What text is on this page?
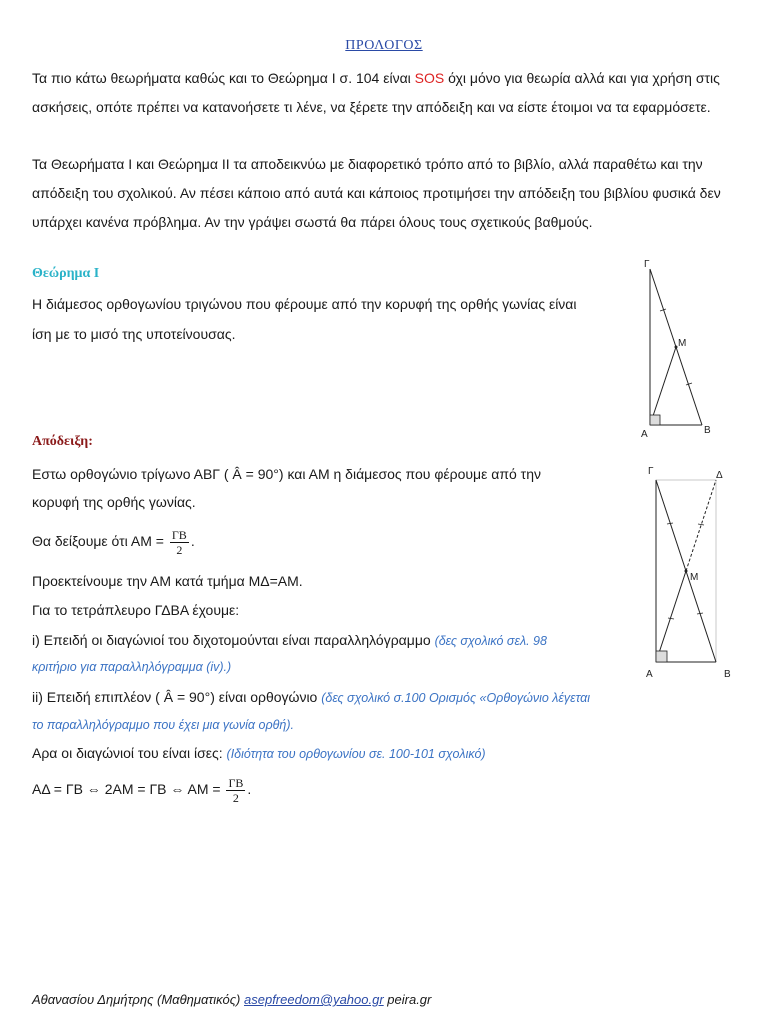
ΠΡΟΛΟΓΟΣ
Τα πιο κάτω θεωρήματα καθώς και το Θεώρημα Ι σ. 104 είναι SOS όχι μόνο για θεωρία αλλά και για χρήση στις ασκήσεις, οπότε πρέπει να κατανοήσετε τι λένε, να ξέρετε την απόδειξη και να είστε έτοιμοι να τα εφαρμόσετε.
Τα Θεωρήματα Ι και Θεώρημα ΙΙ τα αποδεικνύω με διαφορετικό τρόπο από το βιβλίο, αλλά παραθέτω και την απόδειξη του σχολικού. Αν πέσει κάποιο από αυτά και κάποιος προτιμήσει την απόδειξη του βιβλίου φυσικά δεν υπάρχει κανένα πρόβλημα. Αν την γράψει σωστά θα πάρει όλους τους σχετικούς βαθμούς.
Θεώρημα Ι
Η διάμεσος ορθογωνίου τριγώνου που φέρουμε από την κορυφή της ορθής γωνίας είναι
ίση με το μισό της υποτείνουσας.
Απόδειξη:
Εστω ορθογώνιο τρίγωνο ΑΒΓ ( Â = 90°) και ΑΜ η διάμεσος που φέρουμε από την
κορυφή της ορθής γωνίας.
Θα δείξουμε ότι $AM = \frac{\Gamma B}{2}$ .
Προεκτείνουμε την ΑΜ κατά τμήμα ΜΔ=ΑΜ.
Για το τετράπλευρο ΓΔΒΑ έχουμε:
i) Επειδή οι διαγώνιοί του διχοτομούνται είναι παραλληλόγραμμο (δες σχολικό σελ. 98
κριτήριο για παραλληλόγραμμα (iv).)
ii) Επειδή επιπλέον ( Â = 90°) είναι ορθογώνιο (δες σχολικό σ.100 Ορισμός «Ορθογώνιο λέγεται
το παραλληλόγραμμο που έχει μια γωνία ορθή).
Αρα οι διαγώνιοί του είναι ίσες: (Ιδιότητα του ορθογωνίου σε. 100-101 σχολικό)
ΑΔ = ΓΒ ⇔ 2ΑΜ = ΓΒ ⇔ $AM = \frac{\Gamma B}{2}$ .
Γ
Μ
Α	Β
Γ	Δ
Μ
Α	Β
Αθανασίου Δημήτρης (Μαθηματικός) asepfreedom@yahoo.gr peira.gr
